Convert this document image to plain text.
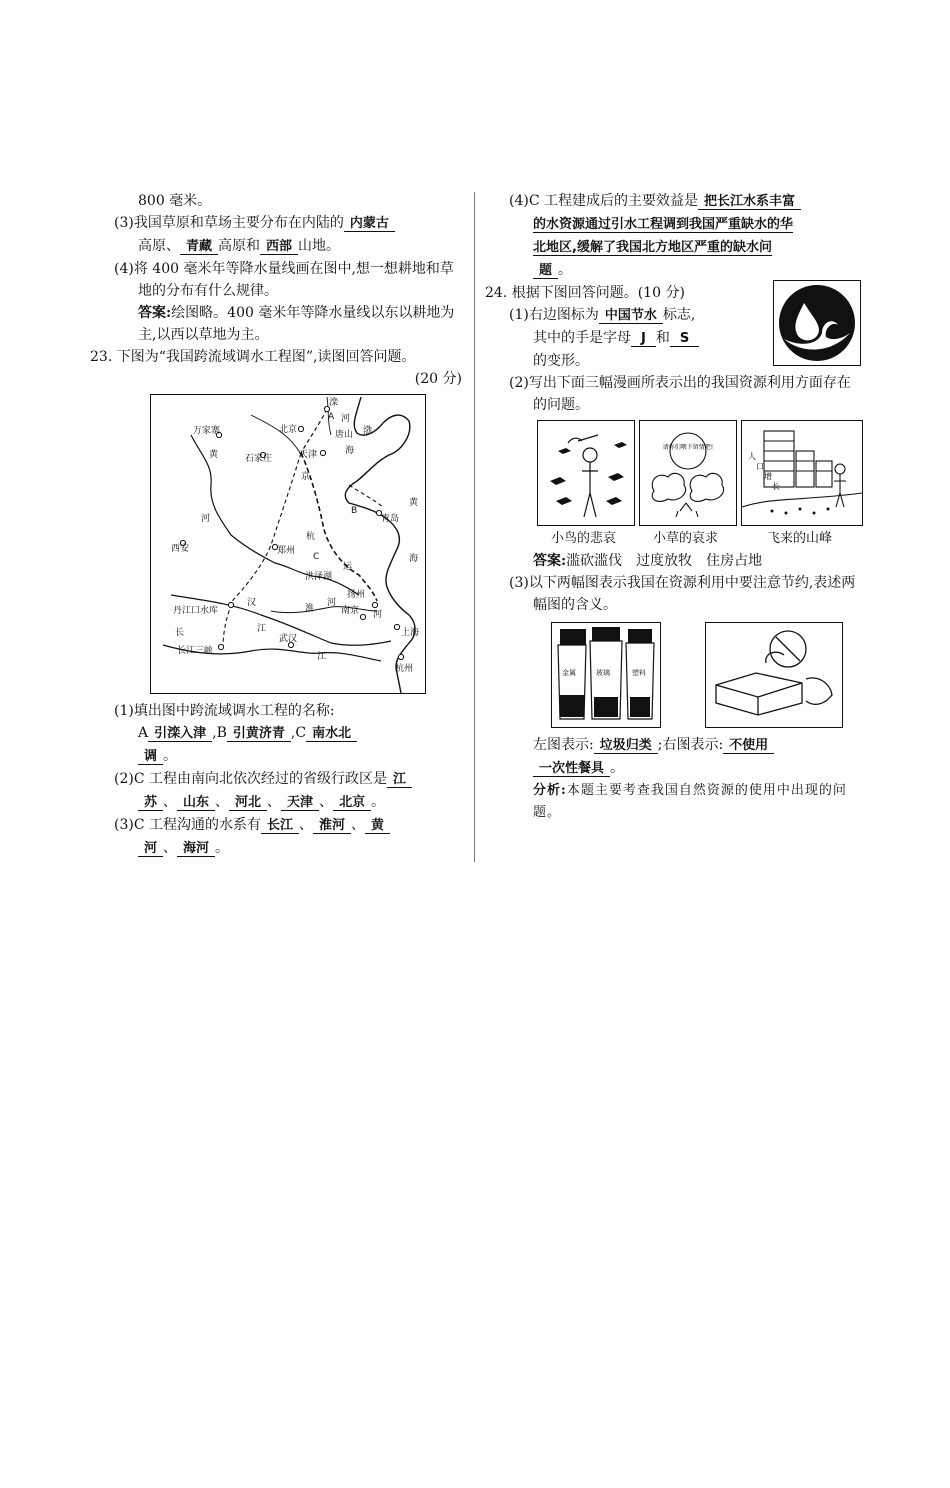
800 毫米。

(3)我国草原和草场主要分布在内陆的 内蒙古
高原、 青藏 高原和 西部 山地。

(4)将 400 毫米年等降水量线画在图中,想一想耕地和草地的分布有什么规律。

答案:绘图略。400 毫米年等降水量线以东以耕地为主,以西以草地为主。

23. 下图为“我国跨流域调水工程图”,读图回答问题。

(20 分)

滦
A 河
北京	唐山 渤
海
万家寨
天津
黄	石家庄
京
B
青岛
黄
河
杭
C
西安	郑州
海
运
洪泽湖
河
扬州
丹江口水库
汉
淮	南京 河
江
武汉
上海
长
长江三峡
江
杭州

(1)填出图中跨流域调水工程的名称:
A 引滦入津 ,B 引黄济青 ,C 南水北
调 。

(2)C 工程由南向北依次经过的省级行政区是 江
苏 、 山东 、 河北 、 天津 、 北京 。

(3)C 工程沟通的水系有 长江 、 淮河 、 黄
河 、 海河 。

(4)C 工程建成后的主要效益是 把长江水系丰富
的水资源通过引水工程调到我国严重缺水的华
北地区,缓解了我国北方地区严重的缺水问
题 。

24. 根据下图回答问题。(10 分)

(1)右边图标为 中国节水 标志,
其中的手是字母 J 和 S
的变形。

(2)写出下面三幅漫画所表示出的我国资源利用方面存在的问题。

请你们喂下留情吧!
人
口
增
长
小鸟的悲哀	小草的哀求	飞来的山峰

答案:滥砍滥伐　过度放牧　住房占地

(3)以下两幅图表示我国在资源利用中要注意节约,表述两幅图的含义。

金属	玻璃	塑料

左图表示: 垃圾归类 ;右图表示: 不使用
一次性餐具 。

分析:本题主要考查我国自然资源的使用中出现的问题。
